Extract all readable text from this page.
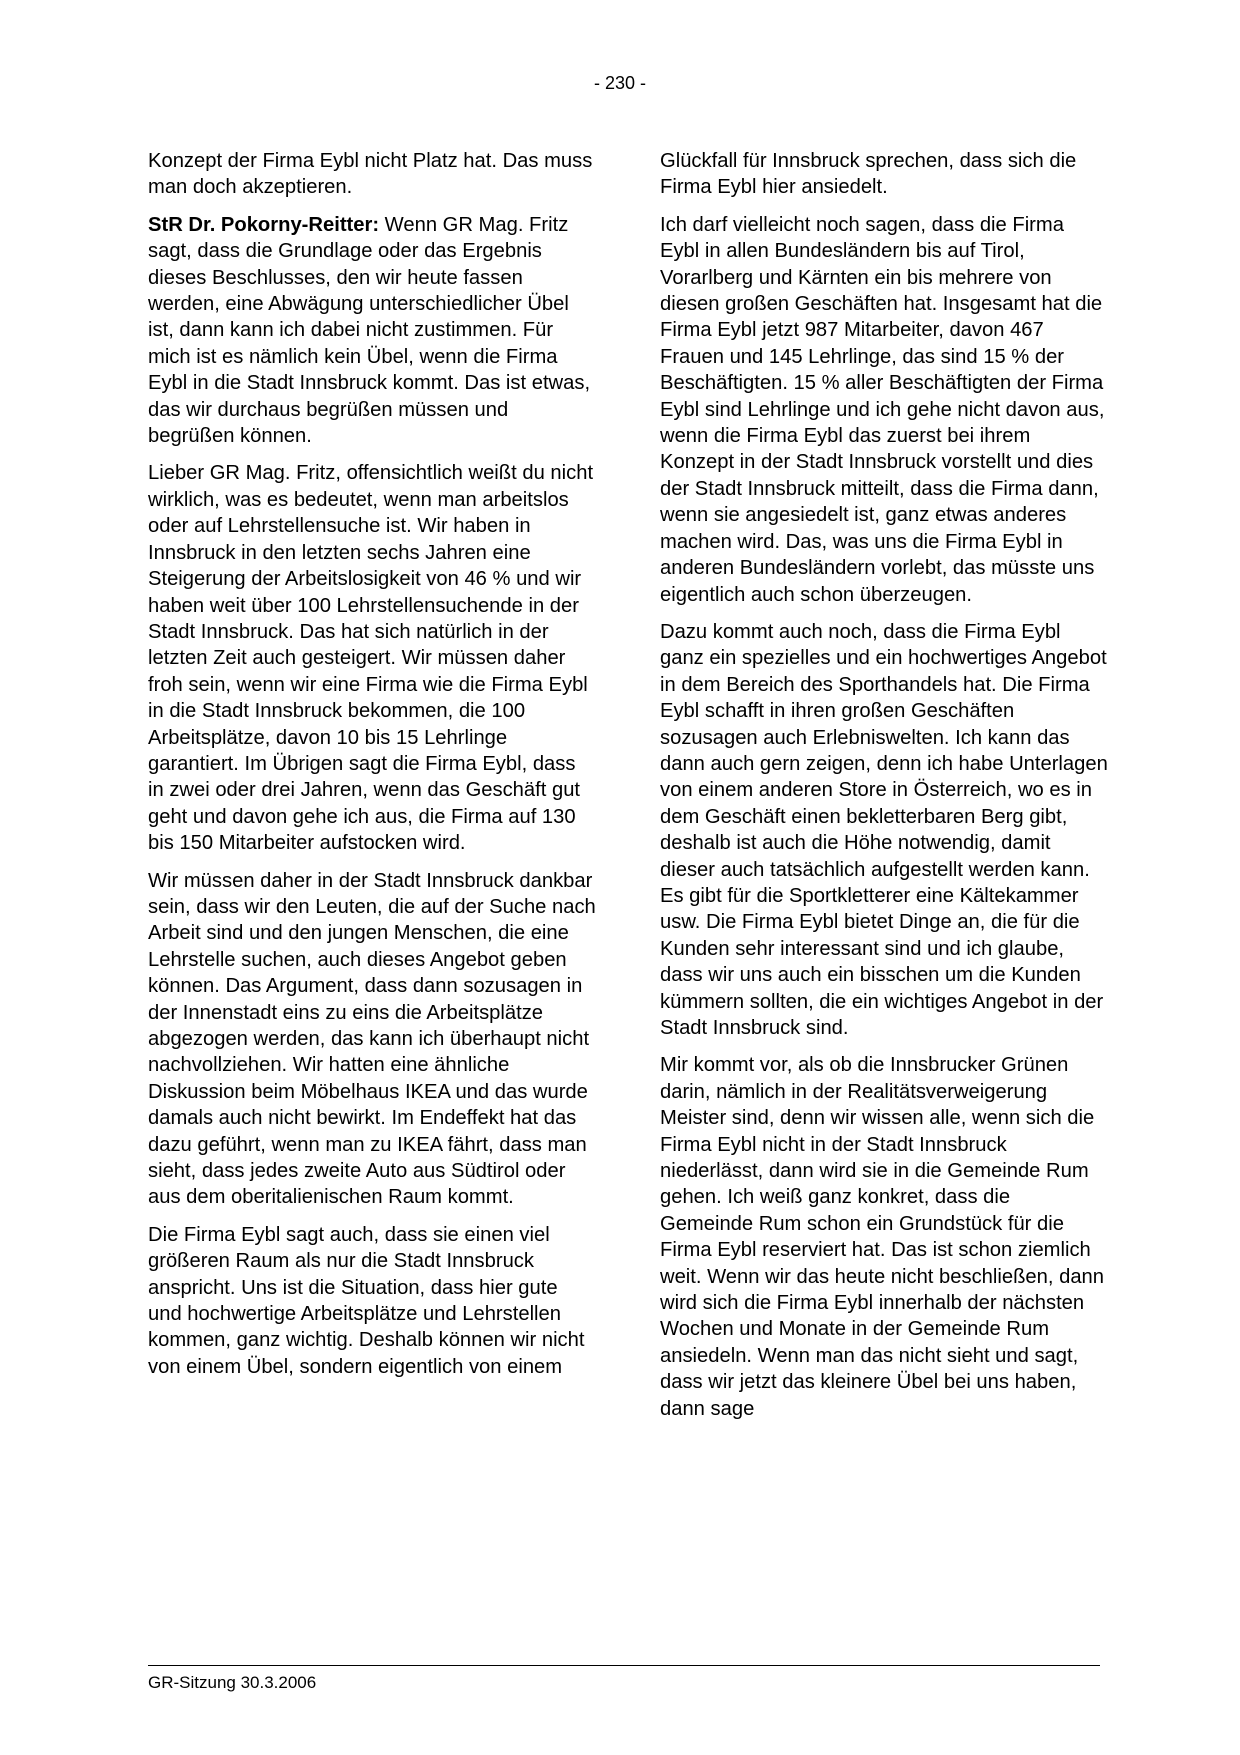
- 230 -

Konzept der Firma Eybl nicht Platz hat. Das muss man doch akzeptieren.

StR Dr. Pokorny-Reitter: Wenn GR Mag. Fritz sagt, dass die Grundlage oder das Ergebnis dieses Beschlusses, den wir heute fassen werden, eine Abwägung unterschiedlicher Übel ist, dann kann ich dabei nicht zustimmen. Für mich ist es nämlich kein Übel, wenn die Firma Eybl in die Stadt Innsbruck kommt. Das ist etwas, das wir durchaus begrüßen müssen und begrüßen können.

Lieber GR Mag. Fritz, offensichtlich weißt du nicht wirklich, was es bedeutet, wenn man arbeitslos oder auf Lehrstellensuche ist. Wir haben in Innsbruck in den letzten sechs Jahren eine Steigerung der Arbeitslosigkeit von 46 % und wir haben weit über 100 Lehrstellensuchende in der Stadt Innsbruck. Das hat sich natürlich in der letzten Zeit auch gesteigert. Wir müssen daher froh sein, wenn wir eine Firma wie die Firma Eybl in die Stadt Innsbruck bekommen, die 100 Arbeitsplätze, davon 10 bis 15 Lehrlinge garantiert. Im Übrigen sagt die Firma Eybl, dass in zwei oder drei Jahren, wenn das Geschäft gut geht und davon gehe ich aus, die Firma auf 130 bis 150 Mitarbeiter aufstocken wird.

Wir müssen daher in der Stadt Innsbruck dankbar sein, dass wir den Leuten, die auf der Suche nach Arbeit sind und den jungen Menschen, die eine Lehrstelle suchen, auch dieses Angebot geben können. Das Argument, dass dann sozusagen in der Innenstadt eins zu eins die Arbeitsplätze abgezogen werden, das kann ich überhaupt nicht nachvollziehen. Wir hatten eine ähnliche Diskussion beim Möbelhaus IKEA und das wurde damals auch nicht bewirkt. Im Endeffekt hat das dazu geführt, wenn man zu IKEA fährt, dass man sieht, dass jedes zweite Auto aus Südtirol oder aus dem oberitalienischen Raum kommt.

Die Firma Eybl sagt auch, dass sie einen viel größeren Raum als nur die Stadt Innsbruck anspricht. Uns ist die Situation, dass hier gute und hochwertige Arbeitsplätze und Lehrstellen kommen, ganz wichtig. Deshalb können wir nicht von einem Übel, sondern eigentlich von einem

Glückfall für Innsbruck sprechen, dass sich die Firma Eybl hier ansiedelt.

Ich darf vielleicht noch sagen, dass die Firma Eybl in allen Bundesländern bis auf Tirol, Vorarlberg und Kärnten ein bis mehrere von diesen großen Geschäften hat. Insgesamt hat die Firma Eybl jetzt 987 Mitarbeiter, davon 467 Frauen und 145 Lehrlinge, das sind 15 % der Beschäftigten. 15 % aller Beschäftigten der Firma Eybl sind Lehrlinge und ich gehe nicht davon aus, wenn die Firma Eybl das zuerst bei ihrem Konzept in der Stadt Innsbruck vorstellt und dies der Stadt Innsbruck mitteilt, dass die Firma dann, wenn sie angesiedelt ist, ganz etwas anderes machen wird. Das, was uns die Firma Eybl in anderen Bundesländern vorlebt, das müsste uns eigentlich auch schon überzeugen.

Dazu kommt auch noch, dass die Firma Eybl ganz ein spezielles und ein hochwertiges Angebot in dem Bereich des Sporthandels hat. Die Firma Eybl schafft in ihren großen Geschäften sozusagen auch Erlebniswelten. Ich kann das dann auch gern zeigen, denn ich habe Unterlagen von einem anderen Store in Österreich, wo es in dem Geschäft einen bekletterbaren Berg gibt, deshalb ist auch die Höhe notwendig, damit dieser auch tatsächlich aufgestellt werden kann. Es gibt für die Sportkletterer eine Kältekammer usw. Die Firma Eybl bietet Dinge an, die für die Kunden sehr interessant sind und ich glaube, dass wir uns auch ein bisschen um die Kunden kümmern sollten, die ein wichtiges Angebot in der Stadt Innsbruck sind.

Mir kommt vor, als ob die Innsbrucker Grünen darin, nämlich in der Realitätsverweigerung Meister sind, denn wir wissen alle, wenn sich die Firma Eybl nicht in der Stadt Innsbruck niederlässt, dann wird sie in die Gemeinde Rum gehen. Ich weiß ganz konkret, dass die Gemeinde Rum schon ein Grundstück für die Firma Eybl reserviert hat. Das ist schon ziemlich weit. Wenn wir das heute nicht beschließen, dann wird sich die Firma Eybl innerhalb der nächsten Wochen und Monate in der Gemeinde Rum ansiedeln. Wenn man das nicht sieht und sagt, dass wir jetzt das kleinere Übel bei uns haben, dann sage

GR-Sitzung 30.3.2006
